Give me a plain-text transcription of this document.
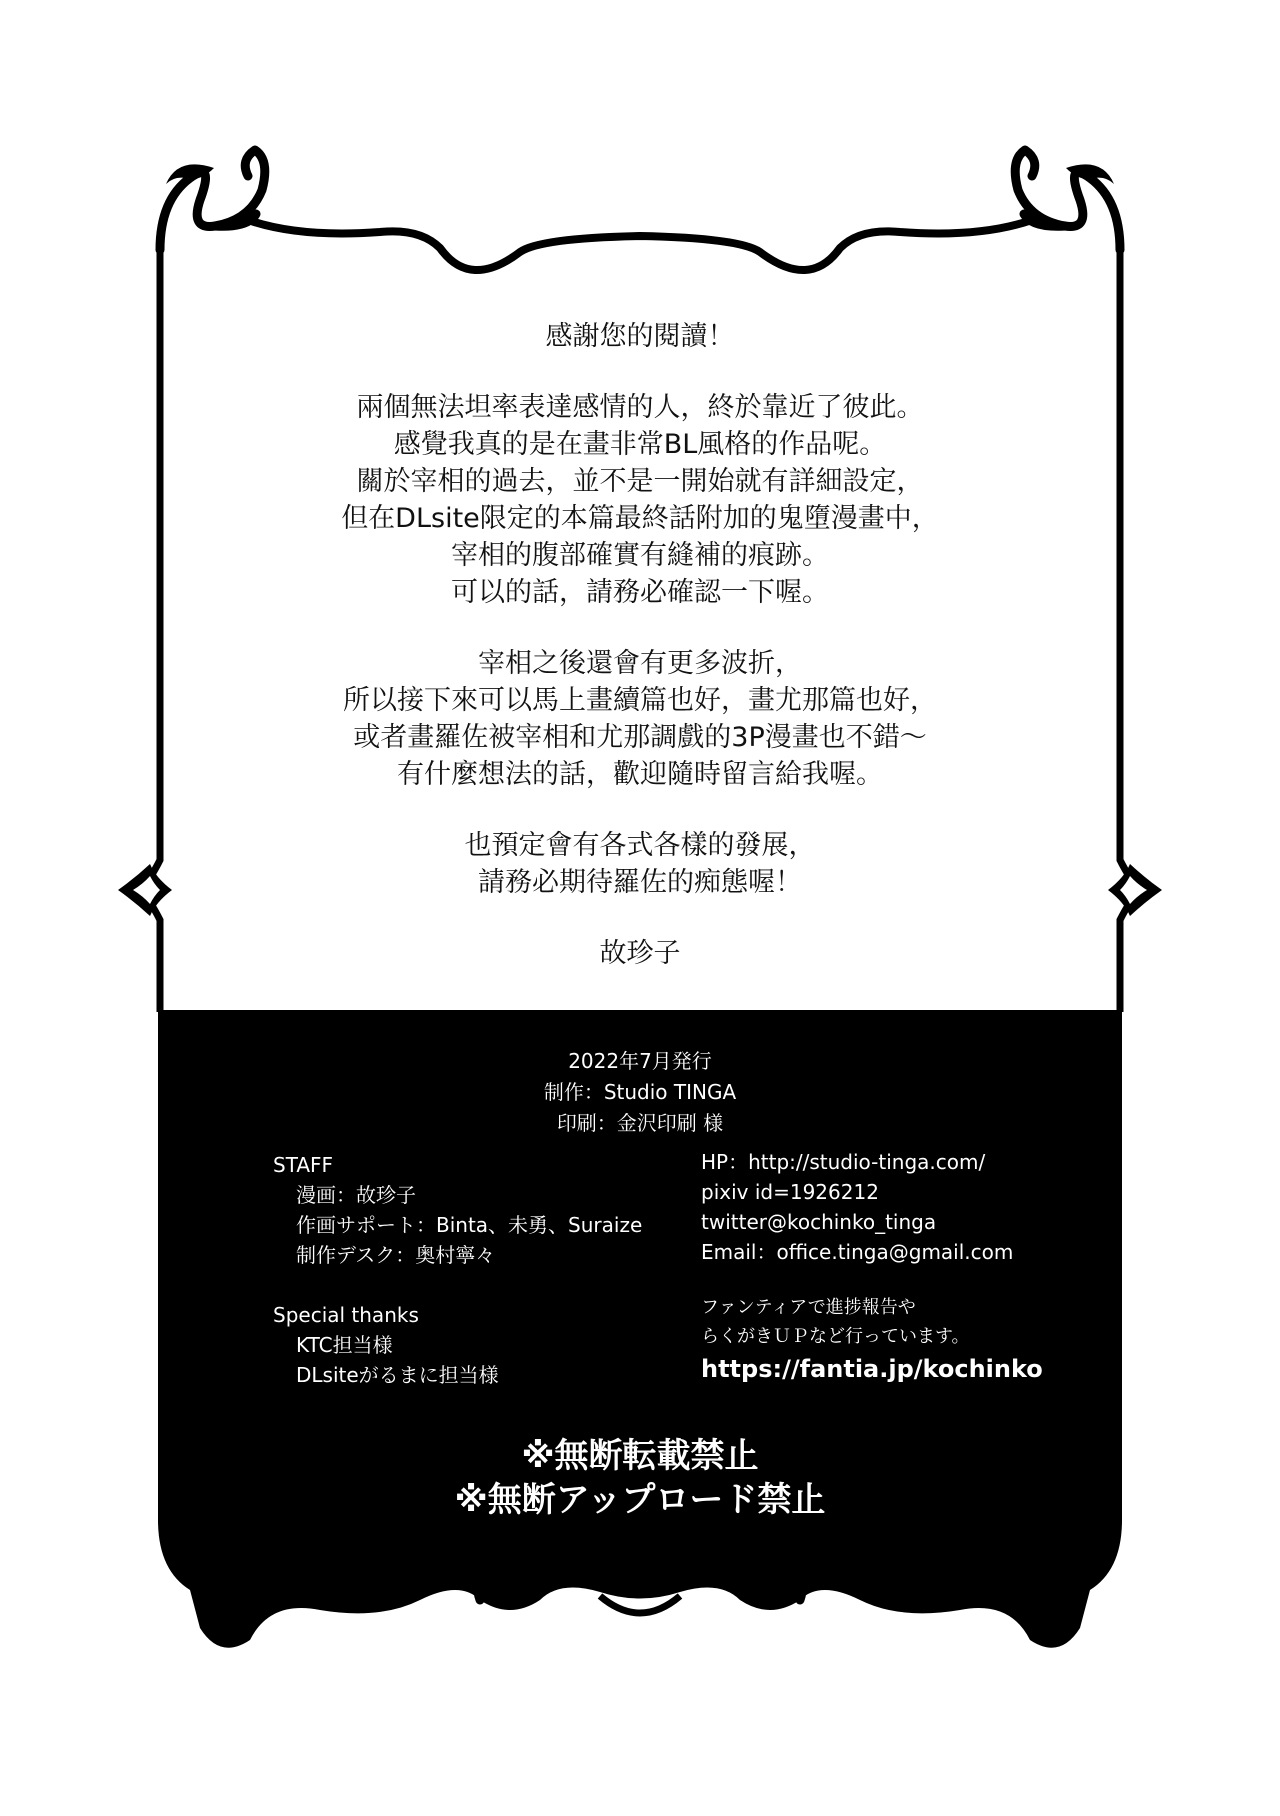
感謝您的閱讀！
兩個無法坦率表達感情的人，終於靠近了彼此。
感覺我真的是在畫非常BL風格的作品呢。
關於宰相的過去，並不是一開始就有詳細設定，
但在DLsite限定的本篇最終話附加的鬼墮漫畫中，
宰相的腹部確實有縫補的痕跡。
可以的話，請務必確認一下喔。
宰相之後還會有更多波折，
所以接下來可以馬上畫續篇也好，畫尤那篇也好，
或者畫羅佐被宰相和尤那調戲的3P漫畫也不錯～
有什麼想法的話，歡迎隨時留言給我喔。
也預定會有各式各樣的發展，
請務必期待羅佐的痴態喔！
故珍子
2022年7月発行
制作：Studio TINGA
印刷：金沢印刷 様
STAFF
漫画：故珍子
作画サポート：Binta、未勇、Suraize
制作デスク：奥村寧々
Special thanks
KTC担当様
DLsiteがるまに担当様
HP：http://studio-tinga.com/
pixiv id=1926212
twitter@kochinko_tinga
Email：office.tinga@gmail.com
ファンティアで進捗報告や
らくがきＵＰなど行っています。
https://fantia.jp/kochinko
※無断転載禁止
※無断アップロード禁止
